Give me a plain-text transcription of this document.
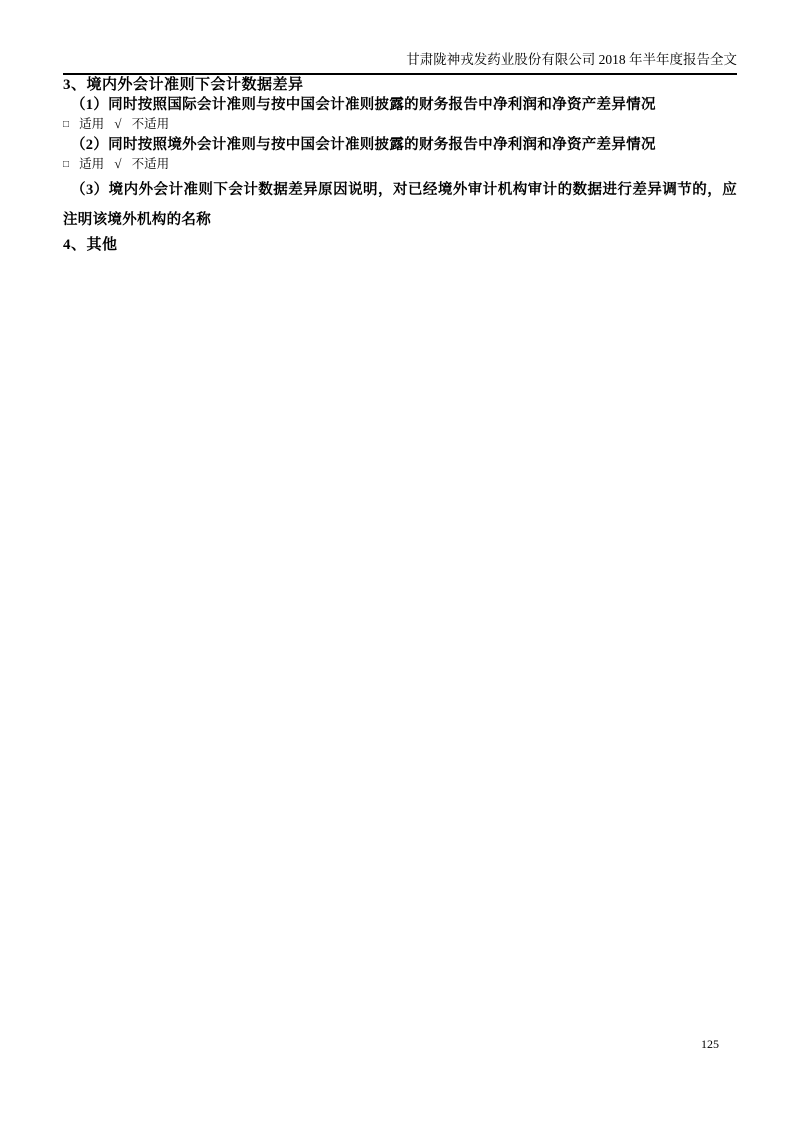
甘肃陇神戎发药业股份有限公司 2018 年半年度报告全文
3、境内外会计准则下会计数据差异

（1）同时按照国际会计准则与按中国会计准则披露的财务报告中净利润和净资产差异情况

□ 适用 √ 不适用

（2）同时按照境外会计准则与按中国会计准则披露的财务报告中净利润和净资产差异情况

□ 适用 √ 不适用

（3）境内外会计准则下会计数据差异原因说明，对已经境外审计机构审计的数据进行差异调节的，应注明该境外机构的名称

4、其他
125
